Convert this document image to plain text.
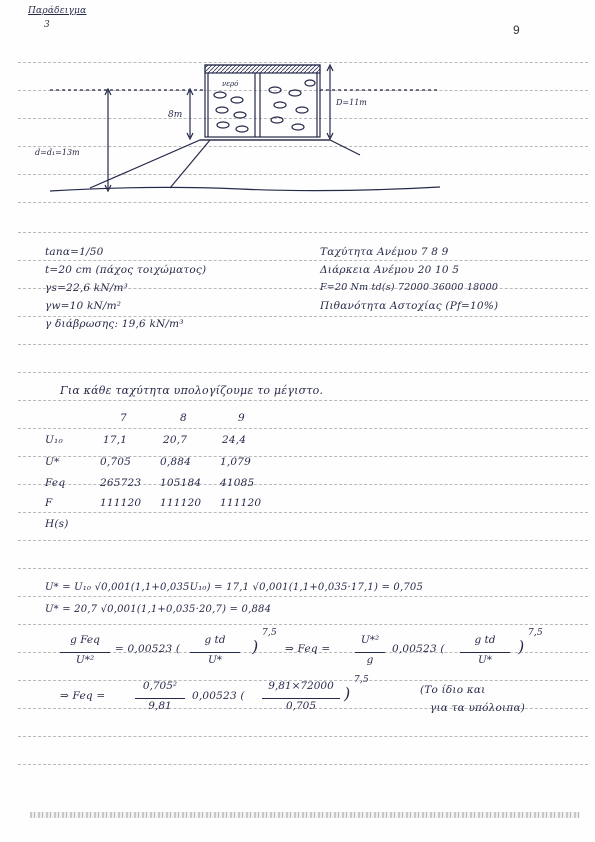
Παράδειγμα
3	9
νερό
8m
D=11m
d=d₁=13m
tanα=1/50
t=20 cm (πάχος τοιχώματος)
γs=22,6 kN/m³
γw=10 kN/m²
γ διάβρωσης: 19,6 kN/m³
Ταχύτητα Ανέμου 7 8 9
Διάρκεια Ανέμου 20 10 5
F=20 Nm td(s) 72000 36000 18000
Πιθανότητα Αστοχίας (Pf=10%)
Για κάθε ταχύτητα υπολογίζουμε το μέγιστο.
7	8	9
U₁₀	17,1	20,7	24,4
U*	0,705	0,884	1,079
Feq	265723 105184 41085
F	111120 111120 111120
H(s)
U* = U₁₀ √0,001(1,1+0,035U₁₀) = 17,1 √0,001(1,1+0,035·17,1) = 0,705
U* = 20,7 √0,001(1,1+0,035·20,7) = 0,884
g Feq
U*²
= 0,00523 (
g td
U*
)
7,5
⇒ Feq =
U*²
g
0,00523 (
g td
U*
)
7,5
⇒ Feq =
0,705²
9,81
0,00523 (
9,81×72000
0,705
)
7,5
(Το ίδιο και
για τα υπόλοιπα)
